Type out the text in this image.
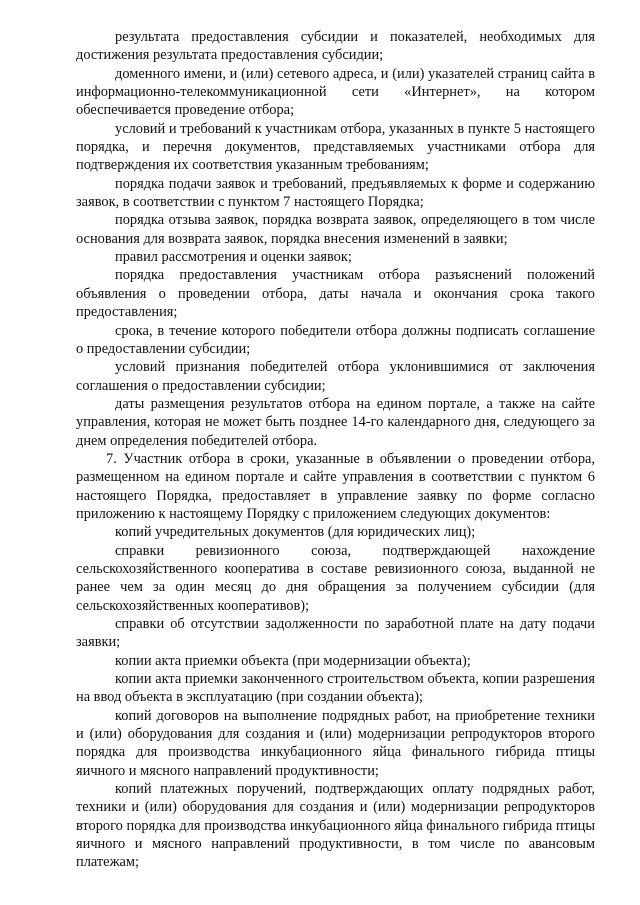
результата предоставления субсидии и показателей, необходимых для достижения результата предоставления субсидии;

доменного имени, и (или) сетевого адреса, и (или) указателей страниц сайта в информационно-телекоммуникационной сети «Интернет», на котором обеспечивается проведение отбора;

условий и требований к участникам отбора, указанных в пункте 5 настоящего порядка, и перечня документов, представляемых участниками отбора для подтверждения их соответствия указанным требованиям;

порядка подачи заявок и требований, предъявляемых к форме и содержанию заявок, в соответствии с пунктом 7 настоящего Порядка;

порядка отзыва заявок, порядка возврата заявок, определяющего в том числе основания для возврата заявок, порядка внесения изменений в заявки;

правил рассмотрения и оценки заявок;

порядка предоставления участникам отбора разъяснений положений объявления о проведении отбора, даты начала и окончания срока такого предоставления;

срока, в течение которого победители отбора должны подписать соглашение о предоставлении субсидии;

условий признания победителей отбора уклонившимися от заключения соглашения о предоставлении субсидии;

даты размещения результатов отбора на едином портале, а также на сайте управления, которая не может быть позднее 14-го календарного дня, следующего за днем определения победителей отбора.

7. Участник отбора в сроки, указанные в объявлении о проведении отбора, размещенном на едином портале и сайте управления в соответствии с пунктом 6 настоящего Порядка, предоставляет в управление заявку по форме согласно приложению к настоящему Порядку с приложением следующих документов:

копий учредительных документов (для юридических лиц);

справки ревизионного союза, подтверждающей нахождение сельскохозяйственного кооператива в составе ревизионного союза, выданной не ранее чем за один месяц до дня обращения за получением субсидии (для сельскохозяйственных кооперативов);

справки об отсутствии задолженности по заработной плате на дату подачи заявки;

копии акта приемки объекта (при модернизации объекта);

копии акта приемки законченного строительством объекта, копии разрешения на ввод объекта в эксплуатацию (при создании объекта);

копий договоров на выполнение подрядных работ, на приобретение техники и (или) оборудования для создания и (или) модернизации репродукторов второго порядка для производства инкубационного яйца финального гибрида птицы яичного и мясного направлений продуктивности;

копий платежных поручений, подтверждающих оплату подрядных работ, техники и (или) оборудования для создания и (или) модернизации репродукторов второго порядка для производства инкубационного яйца финального гибрида птицы яичного и мясного направлений продуктивности, в том числе по авансовым платежам;
